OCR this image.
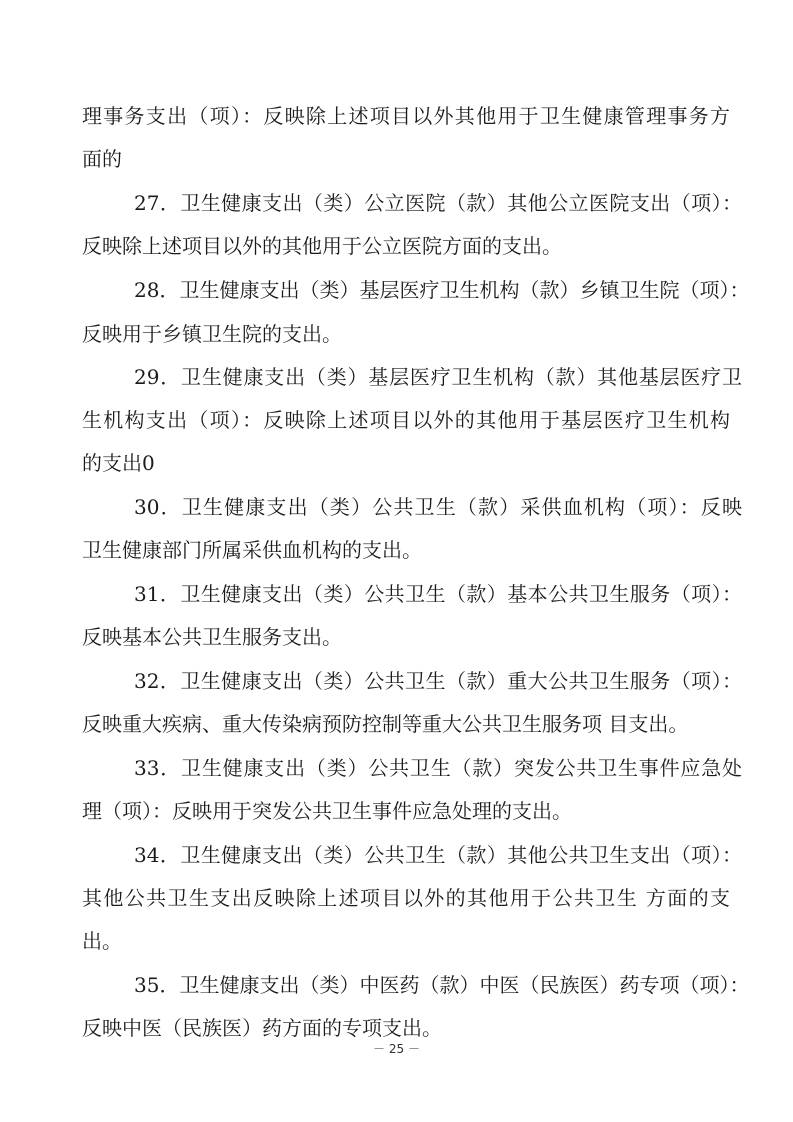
理事务支出（项）：反映除上述项目以外其他用于卫生健康管理事务方
面的
27．卫生健康支出（类）公立医院（款）其他公立医院支出（项）：
反映除上述项目以外的其他用于公立医院方面的支出。
28．卫生健康支出（类）基层医疗卫生机构（款）乡镇卫生院（项）：
反映用于乡镇卫生院的支出。
29．卫生健康支出（类）基层医疗卫生机构（款）其他基层医疗卫
生机构支出（项）：反映除上述项目以外的其他用于基层医疗卫生机构
的支出0
30．卫生健康支出（类）公共卫生（款）采供血机构（项）：反映
卫生健康部门所属采供血机构的支出。
31．卫生健康支出（类）公共卫生（款）基本公共卫生服务（项）：
反映基本公共卫生服务支出。
32．卫生健康支出（类）公共卫生（款）重大公共卫生服务（项）：
反映重大疾病、重大传染病预防控制等重大公共卫生服务项 目支出。
33．卫生健康支出（类）公共卫生（款）突发公共卫生事件应急处
理（项）：反映用于突发公共卫生事件应急处理的支出。
34．卫生健康支出（类）公共卫生（款）其他公共卫生支出（项）：
其他公共卫生支出反映除上述项目以外的其他用于公共卫生 方面的支
出。
35．卫生健康支出（类）中医药（款）中医（民族医）药专项（项）：
反映中医（民族医）药方面的专项支出。
－ 25 －
